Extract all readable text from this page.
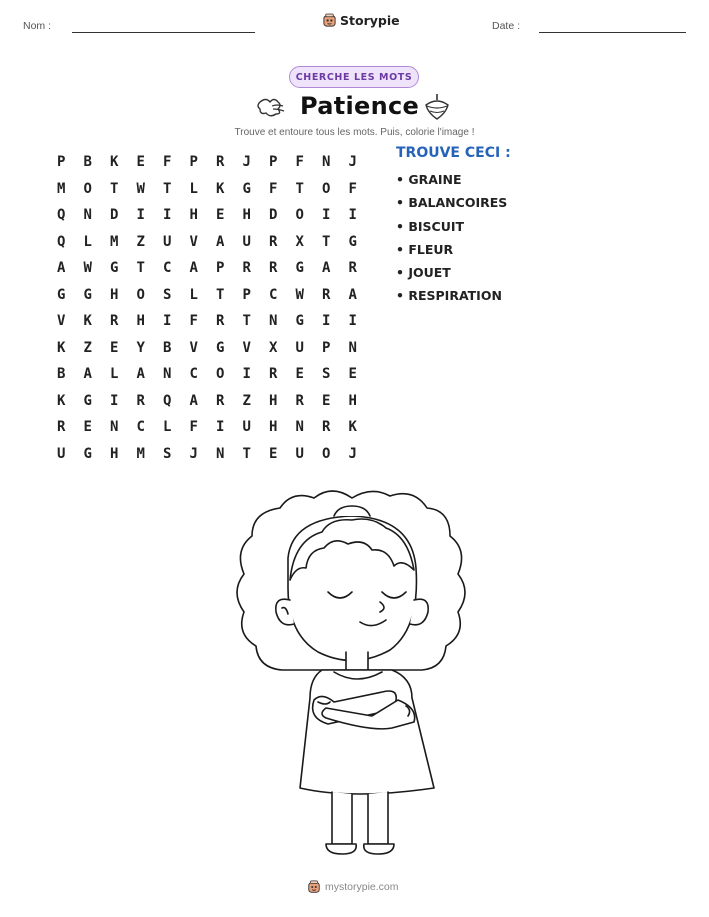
Nom :	Storypie	Date :
CHERCHE LES MOTS
Patience
Trouve et entoure tous les mots. Puis, colorie l'image !
P	B	K	E	F	P	R	J	P	F	N	J
M	O	T	W	T	L	K	G	F	T	O	F
Q	N	D	I	I	H	E	H	D	O	I	I
Q	L	M	Z	U	V	A	U	R	X	T	G
A	W	G	T	C	A	P	R	R	G	A	R
G	G	H	O	S	L	T	P	C	W	R	A
V	K	R	H	I	F	R	T	N	G	I	I
K	Z	E	Y	B	V	G	V	X	U	P	N
B	A	L	A	N	C	O	I	R	E	S	E
K	G	I	R	Q	A	R	Z	H	R	E	H
R	E	N	C	L	F	I	U	H	N	R	K
U	G	H	M	S	J	N	T	E	U	O	J
TROUVE CECI :
• GRAINE
• BALANCOIRES
• BISCUIT
• FLEUR
• JOUET
• RESPIRATION
mystorypie.com
